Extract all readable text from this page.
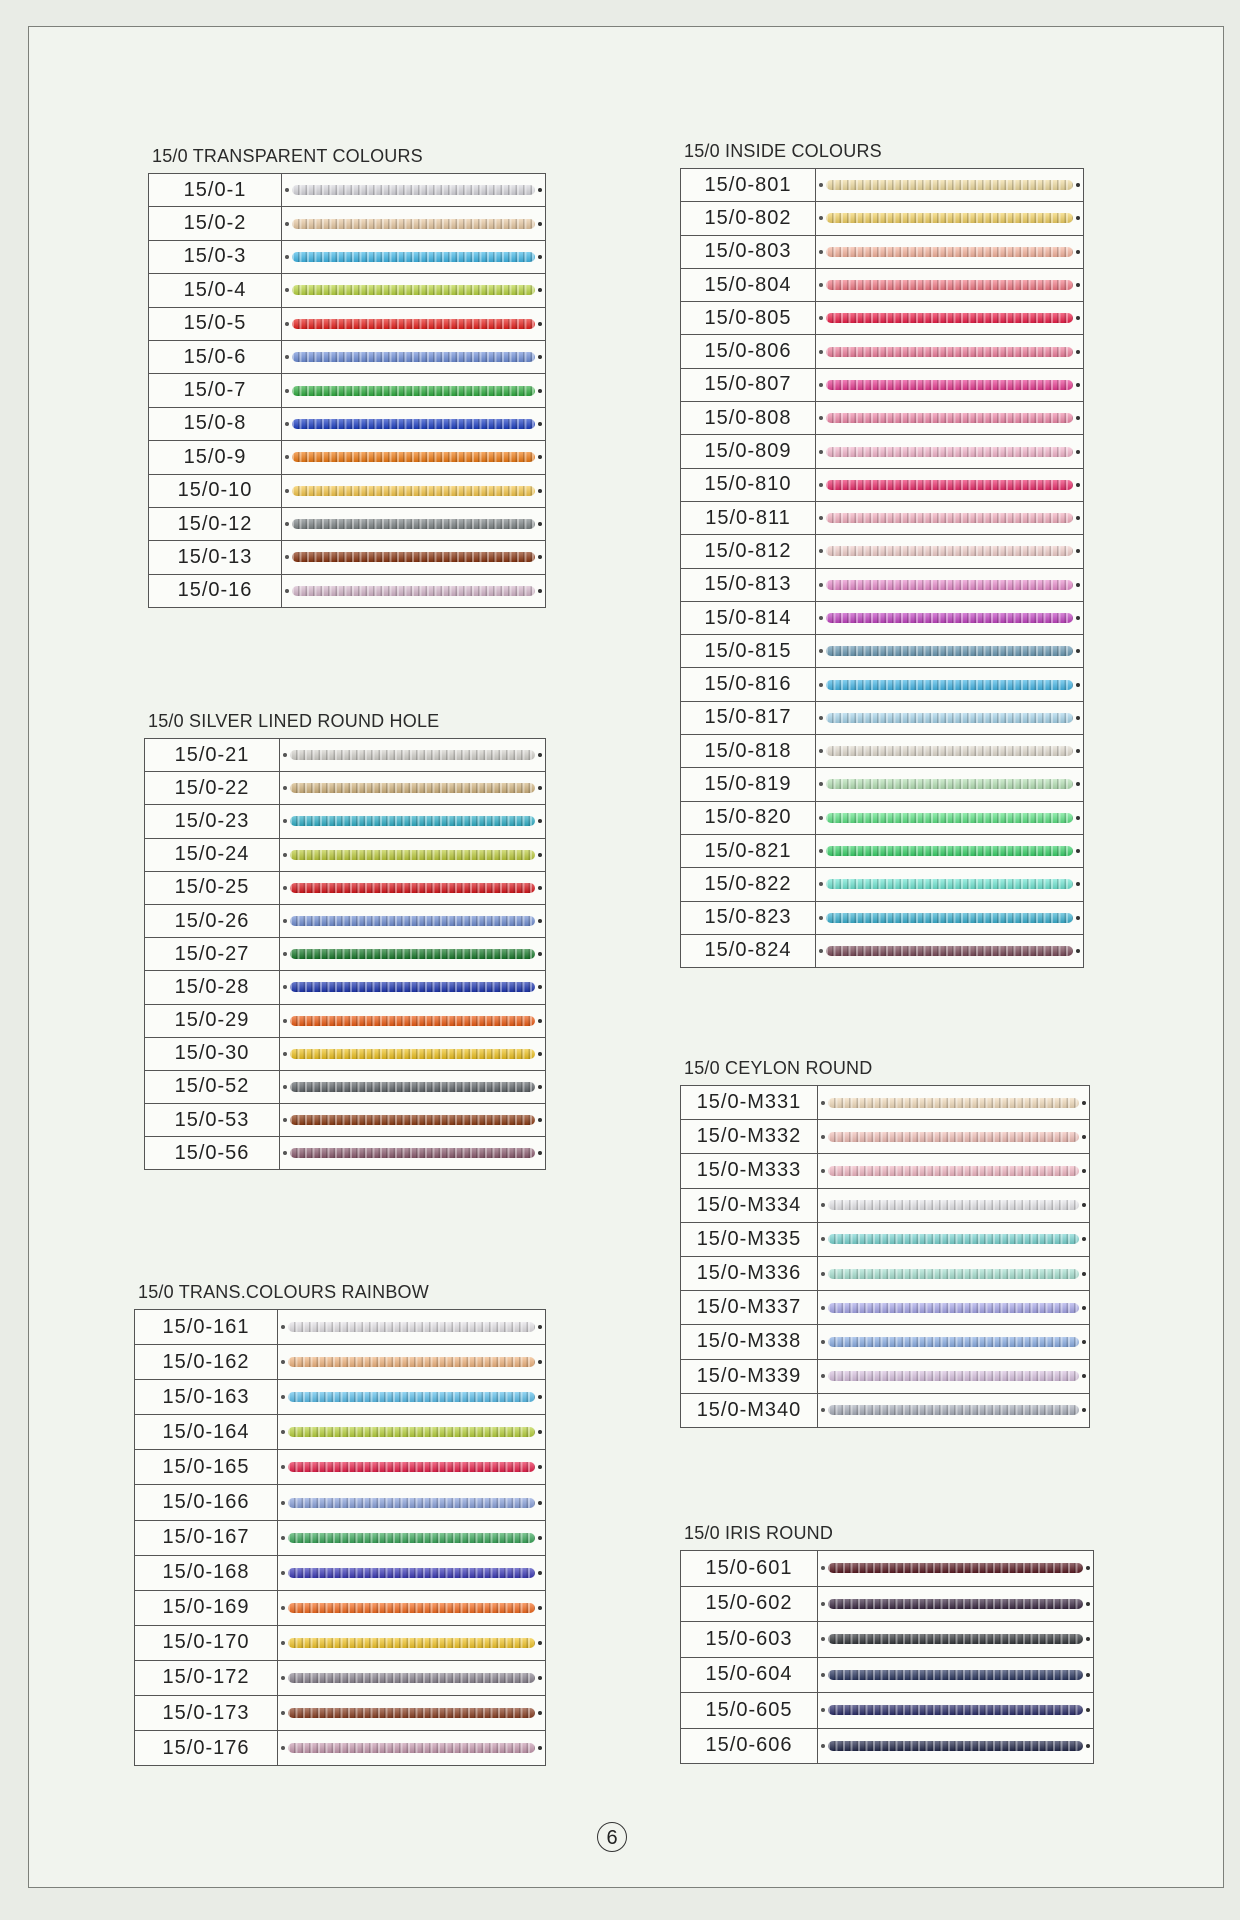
15/0 TRANSPARENT COLOURS
15/0-1	

15/0-2	

15/0-3	

15/0-4	

15/0-5	

15/0-6	

15/0-7	

15/0-8	

15/0-9	

15/0-10	

15/0-12	

15/0-13	

15/0-16	
15/0 SILVER LINED ROUND HOLE
15/0-21	

15/0-22	

15/0-23	

15/0-24	

15/0-25	

15/0-26	

15/0-27	

15/0-28	

15/0-29	

15/0-30	

15/0-52	

15/0-53	

15/0-56	
15/0 TRANS.COLOURS RAINBOW
15/0-161	

15/0-162	

15/0-163	

15/0-164	

15/0-165	

15/0-166	

15/0-167	

15/0-168	

15/0-169	

15/0-170	

15/0-172	

15/0-173	

15/0-176	
15/0 INSIDE COLOURS
15/0-801	

15/0-802	

15/0-803	

15/0-804	

15/0-805	

15/0-806	

15/0-807	

15/0-808	

15/0-809	

15/0-810	

15/0-811	

15/0-812	

15/0-813	

15/0-814	

15/0-815	

15/0-816	

15/0-817	

15/0-818	

15/0-819	

15/0-820	

15/0-821	

15/0-822	

15/0-823	

15/0-824	
15/0 CEYLON ROUND
15/0-M331	

15/0-M332	

15/0-M333	

15/0-M334	

15/0-M335	

15/0-M336	

15/0-M337	

15/0-M338	

15/0-M339	

15/0-M340	
15/0 IRIS ROUND
15/0-601	

15/0-602	

15/0-603	

15/0-604	

15/0-605	

15/0-606	
6
